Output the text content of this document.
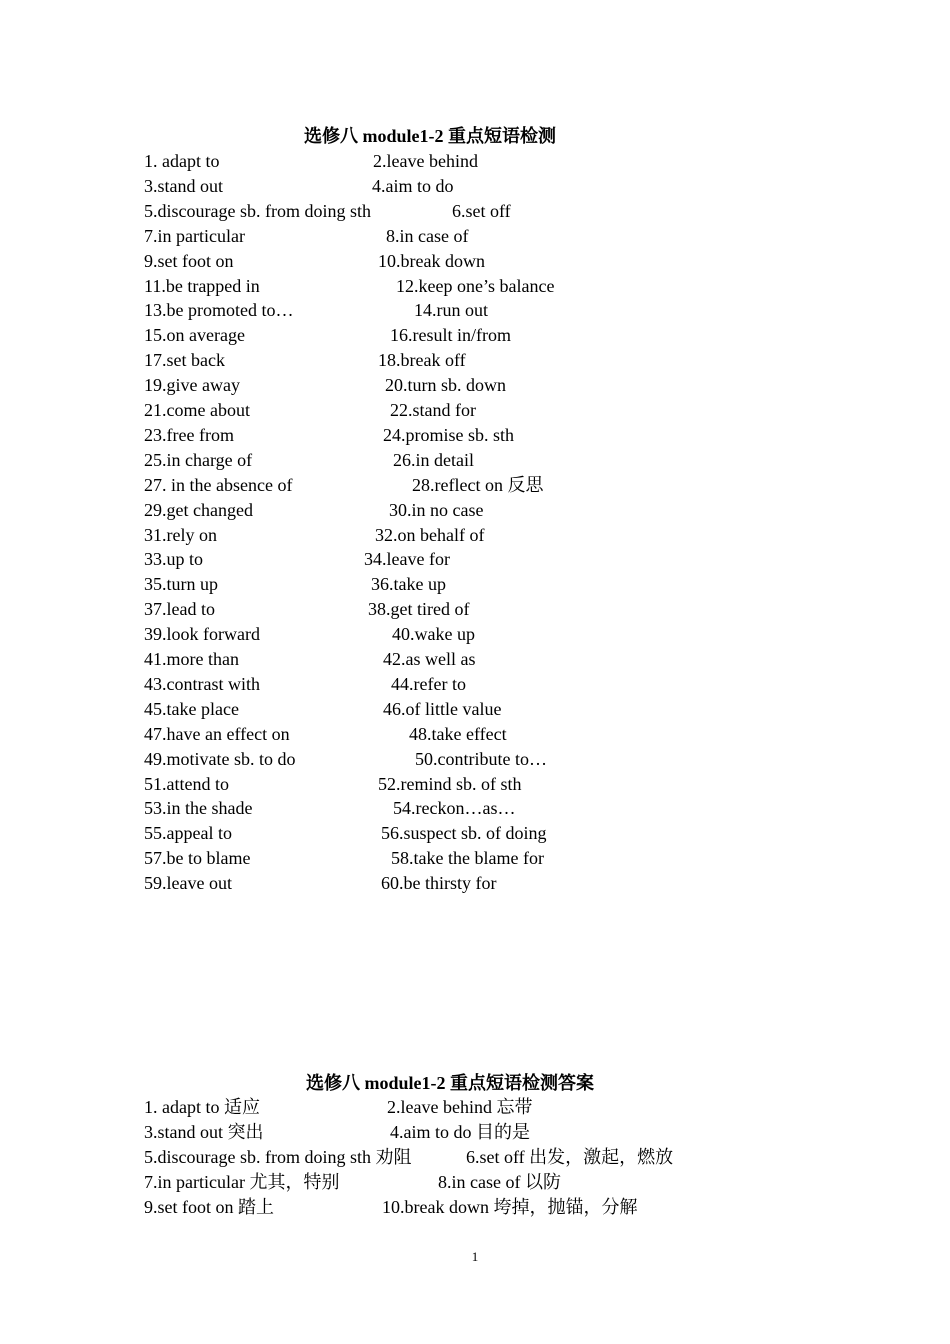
选修八 module1-2 重点短语检测
1. adapt to	2.leave behind
3.stand out	4.aim to do
5.discourage sb. from doing sth	6.set off
7.in particular	8.in case of
9.set foot on	10.break down
11.be trapped in	12.keep one’s balance
13.be promoted to…	14.run out
15.on average	16.result in/from
17.set back	18.break off
19.give away	20.turn sb. down
21.come about	22.stand for
23.free from	24.promise sb. sth
25.in charge of	26.in detail
27. in the absence of	28.reflect on 反思
29.get changed	30.in no case
31.rely on	32.on behalf of
33.up to	34.leave for
35.turn up	36.take up
37.lead to	38.get tired of
39.look forward	40.wake up
41.more than	42.as well as
43.contrast with	44.refer to
45.take place	46.of little value
47.have an effect on	48.take effect
49.motivate sb. to do	50.contribute to…
51.attend to	52.remind sb. of sth
53.in the shade	54.reckon…as…
55.appeal to	56.suspect sb. of doing
57.be to blame	58.take the blame for
59.leave out	60.be thirsty for
选修八 module1-2 重点短语检测答案
1. adapt to 适应	2.leave behind 忘带
3.stand out 突出	4.aim to do 目的是
5.discourage sb. from doing sth 劝阻	6.set off 出发，激起，燃放
7.in particular 尤其，特别	8.in case of 以防
9.set foot on 踏上	10.break down 垮掉，抛锚，分解
1
